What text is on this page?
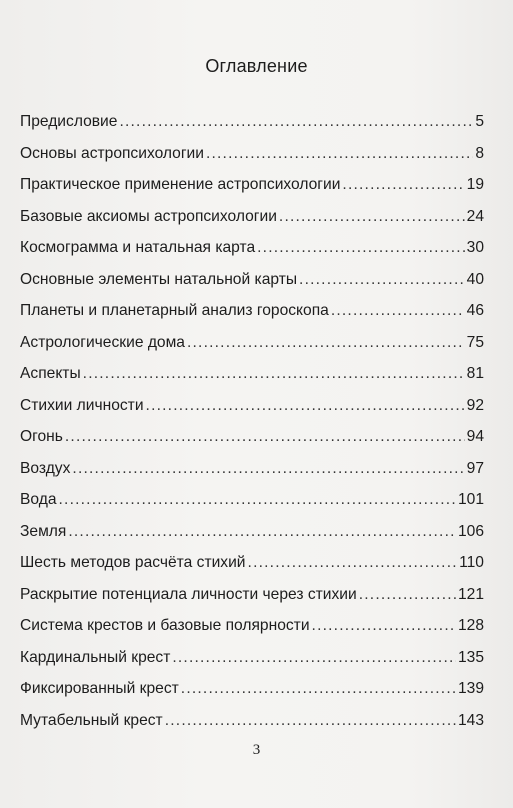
Оглавление
Предисловие .....	5
Основы астропсихологии .....	8
Практическое применение астропсихологии .....	19
Базовые аксиомы астропсихологии .....	24
Космограмма и натальная карта .....	30
Основные элементы натальной карты .....	40
Планеты и планетарный анализ гороскопа .....	46
Астрологические дома .....	75
Аспекты .....	81
Стихии личности .....	92
Огонь .....	94
Воздух .....	97
Вода .....	101
Земля .....	106
Шесть методов расчёта стихий .....	110
Раскрытие потенциала личности через стихии .....	121
Система крестов и базовые полярности .....	128
Кардинальный крест .....	135
Фиксированный крест .....	139
Мутабельный крест .....	143
3
